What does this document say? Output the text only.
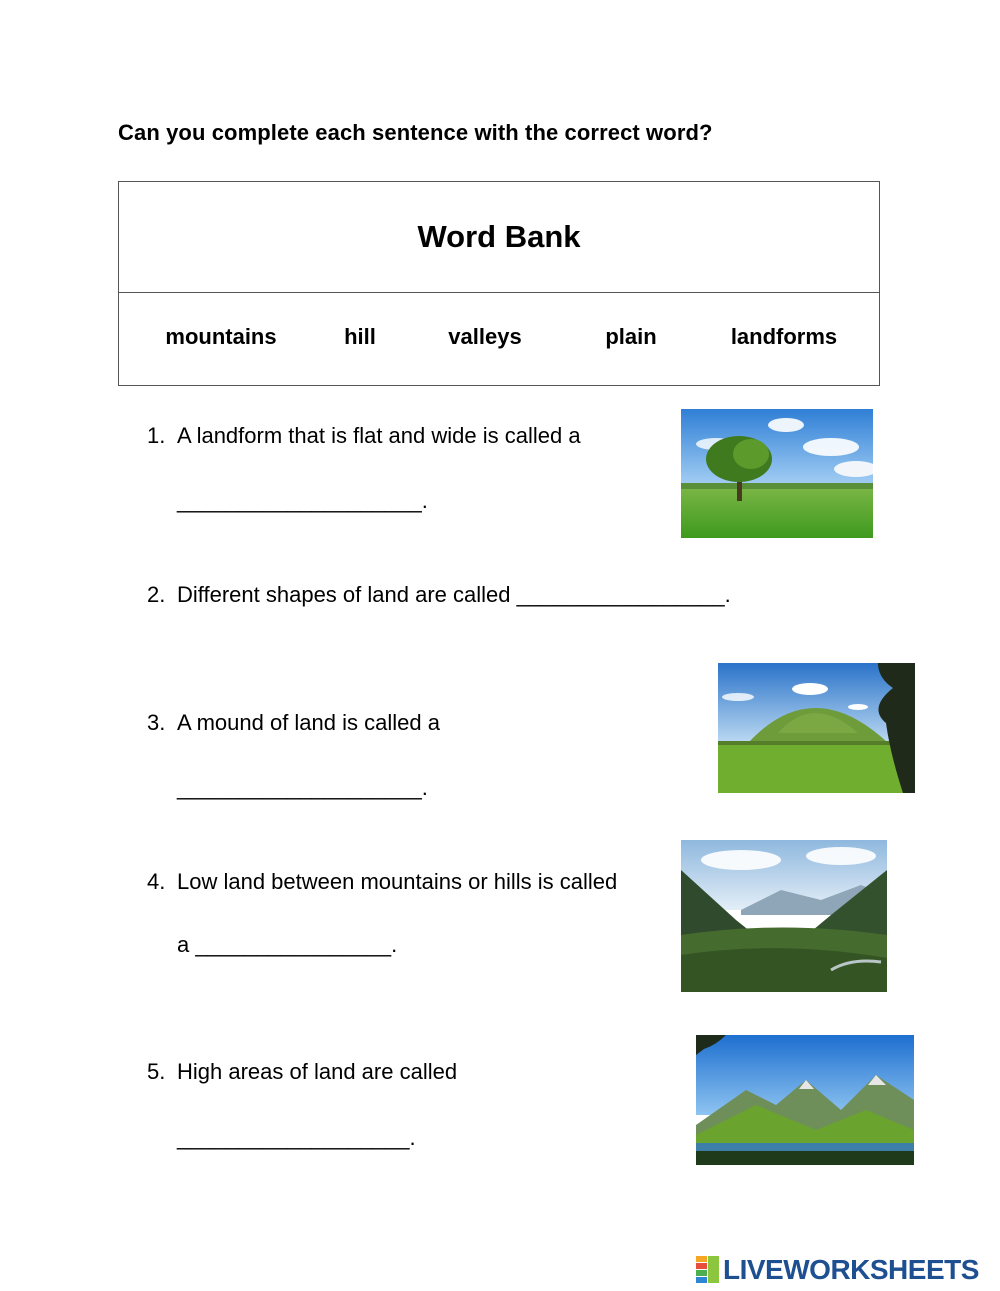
Can you complete each sentence with the correct word?
Word Bank
mountains	hill	valleys	plain	landforms
1. A landform that is flat and wide is called a
____________________.
2. Different shapes of land are called _________________.
3. A mound of land is called a
____________________.
4. Low land between mountains or hills is called
a ________________.
5. High areas of land are called
___________________.
LIVEWORKSHEETS
